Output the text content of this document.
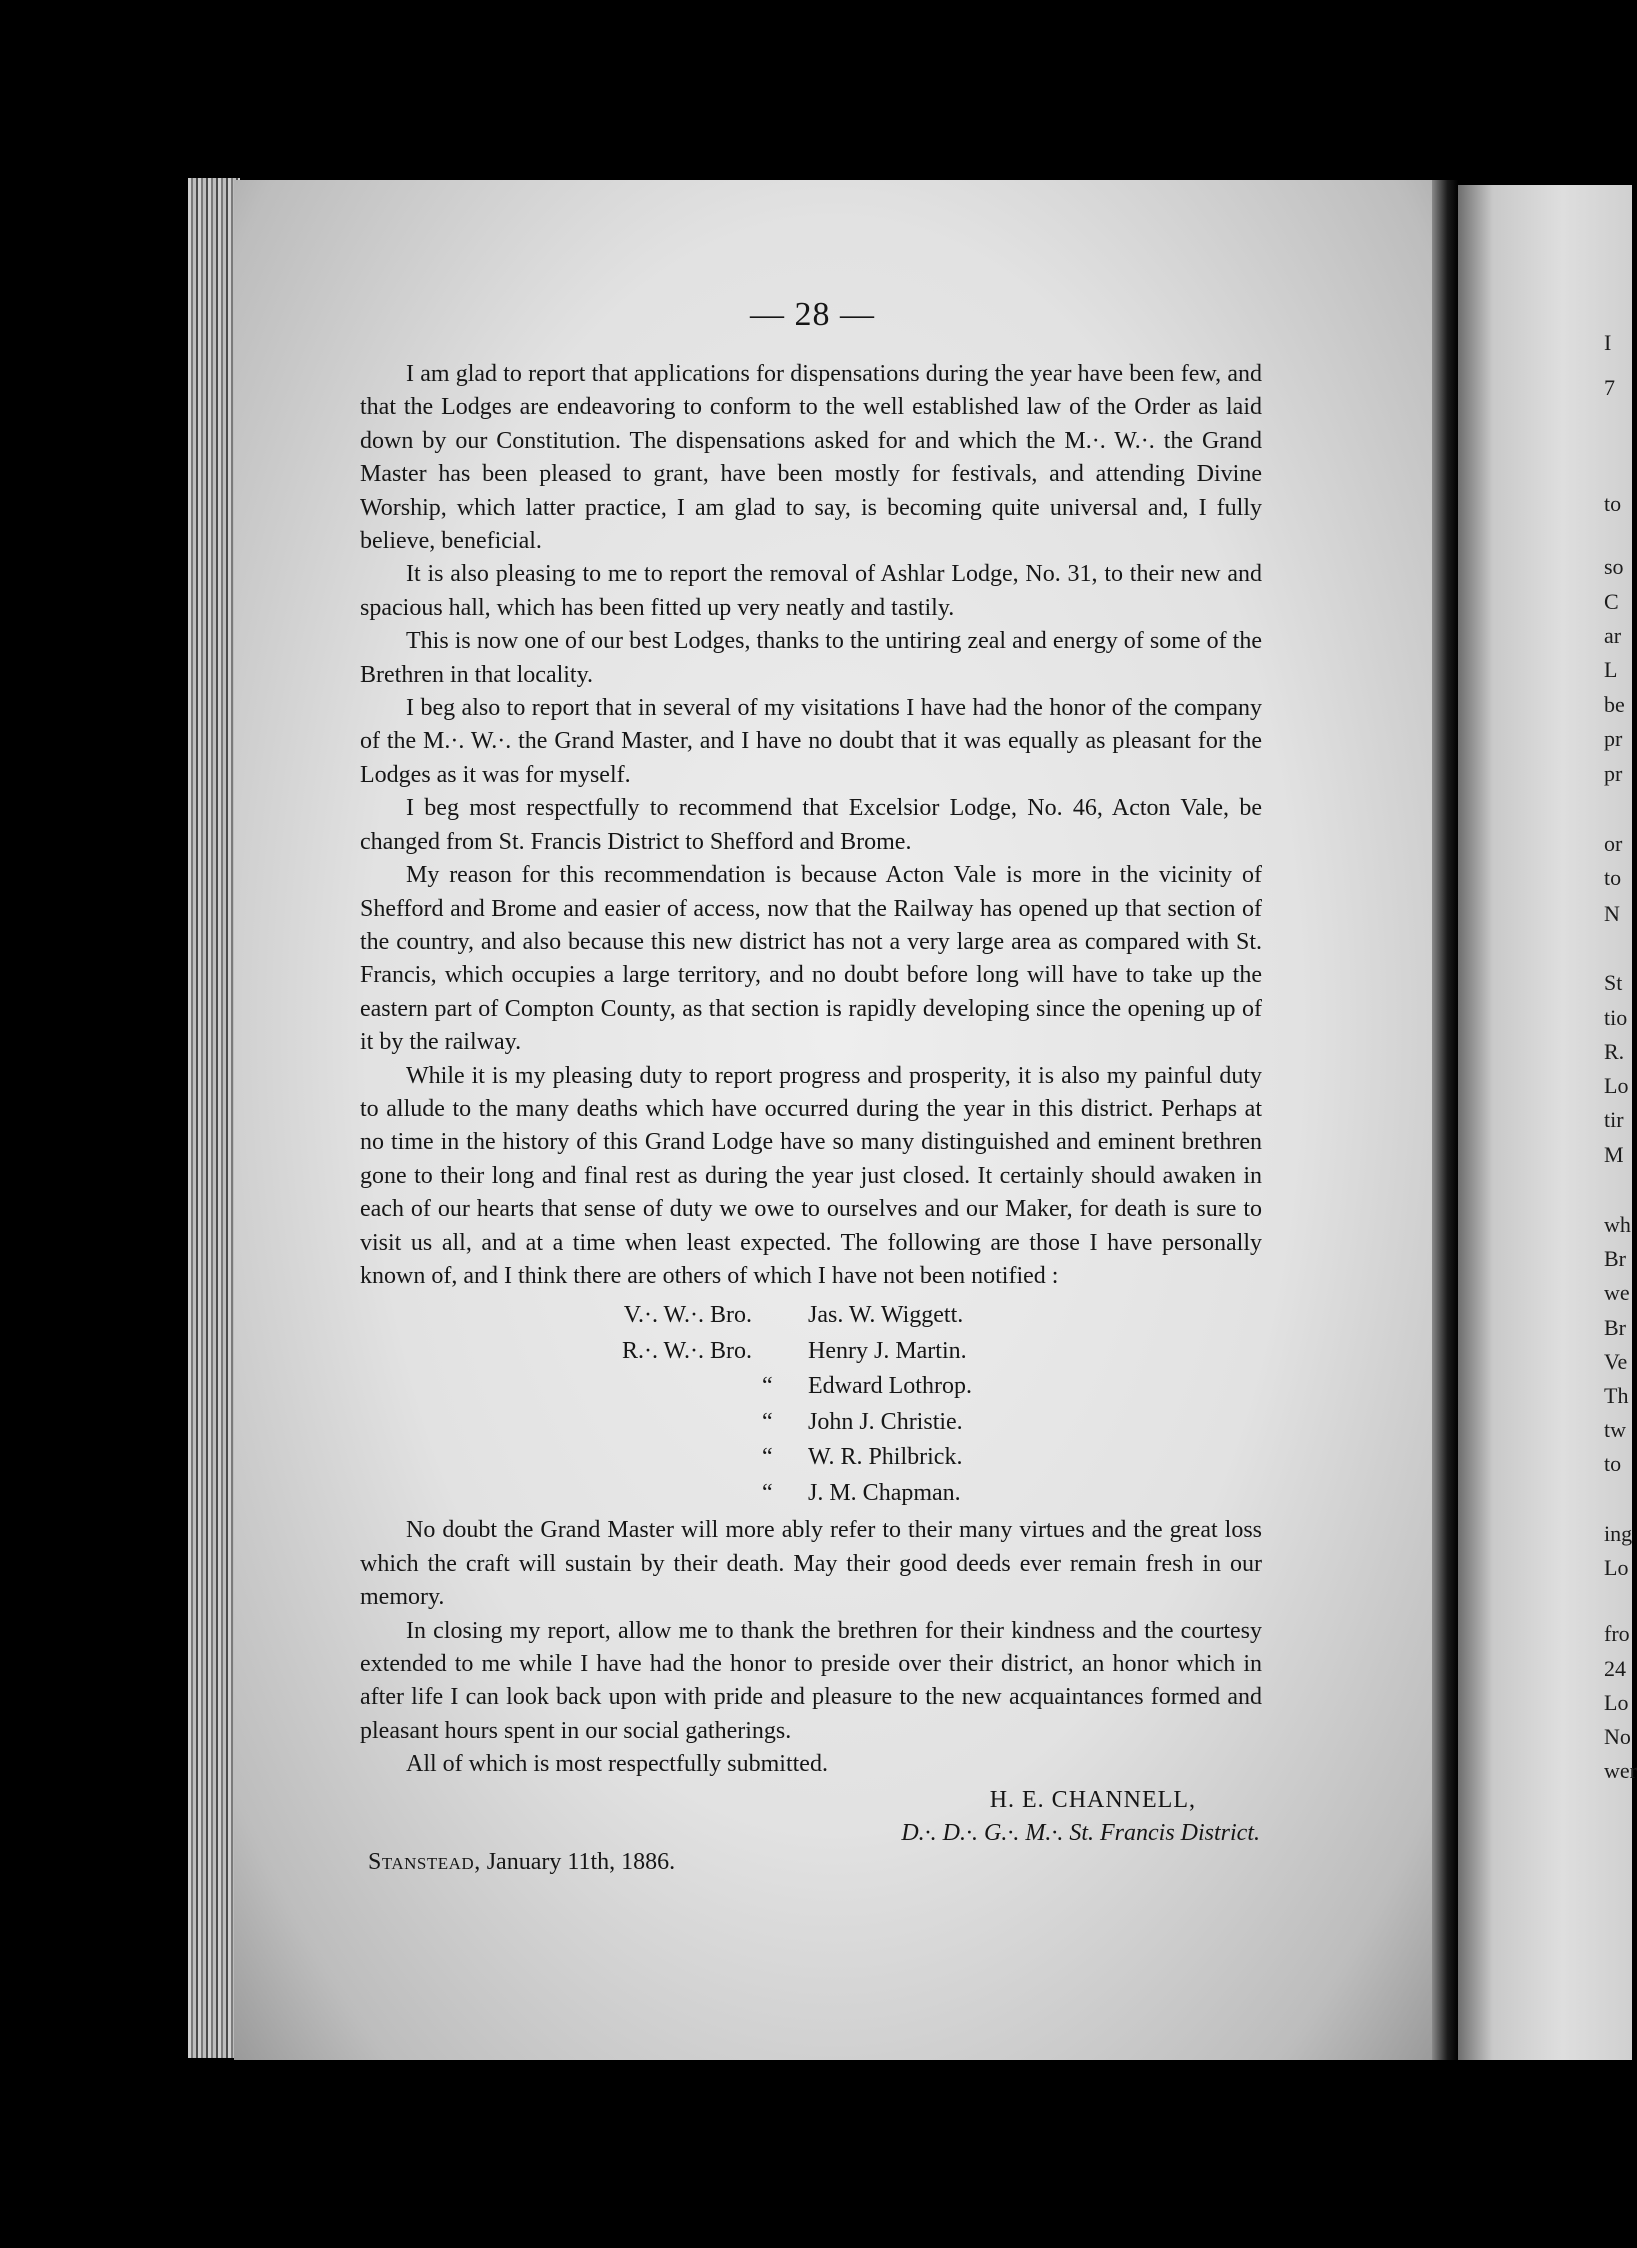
I
7
to
so
C
ar
L
be
pr
pr
or
to
N
St
tio
R.
Lo
tir
M
wh
Br
we
Br
Ve
Th
tw
to
ing
Lo
fro
24
Lo
No
wer
— 28 —

I am glad to report that applications for dispensations during the year have been few, and that the Lodges are endeavoring to conform to the well established law of the Order as laid down by our Constitution. The dispensations asked for and which the M.·. W.·. the Grand Master has been pleased to grant, have been mostly for festivals, and attending Divine Worship, which latter practice, I am glad to say, is becoming quite universal and, I fully believe, beneficial.

It is also pleasing to me to report the removal of Ashlar Lodge, No. 31, to their new and spacious hall, which has been fitted up very neatly and tastily.

This is now one of our best Lodges, thanks to the untiring zeal and energy of some of the Brethren in that locality.

I beg also to report that in several of my visitations I have had the honor of the company of the M.·. W.·. the Grand Master, and I have no doubt that it was equally as pleasant for the Lodges as it was for myself.

I beg most respectfully to recommend that Excelsior Lodge, No. 46, Acton Vale, be changed from St. Francis District to Shefford and Brome.

My reason for this recommendation is because Acton Vale is more in the vicinity of Shefford and Brome and easier of access, now that the Railway has opened up that section of the country, and also because this new district has not a very large area as compared with St. Francis, which occupies a large territory, and no doubt before long will have to take up the eastern part of Compton County, as that section is rapidly developing since the opening up of it by the railway.

While it is my pleasing duty to report progress and prosperity, it is also my painful duty to allude to the many deaths which have occurred during the year in this district. Perhaps at no time in the history of this Grand Lodge have so many distinguished and eminent brethren gone to their long and final rest as during the year just closed. It certainly should awaken in each of our hearts that sense of duty we owe to ourselves and our Maker, for death is sure to visit us all, and at a time when least expected. The following are those I have personally known of, and I think there are others of which I have not been notified :

V.·. W.·. Bro. Jas. W. Wiggett.
R.·. W.·. Bro. Henry J. Martin.
“ Edward Lothrop.
“ John J. Christie.
“ W. R. Philbrick.
“ J. M. Chapman.

No doubt the Grand Master will more ably refer to their many virtues and the great loss which the craft will sustain by their death. May their good deeds ever remain fresh in our memory.

In closing my report, allow me to thank the brethren for their kindness and the courtesy extended to me while I have had the honor to preside over their district, an honor which in after life I can look back upon with pride and pleasure to the new acquaintances formed and pleasant hours spent in our social gatherings.

All of which is most respectfully submitted.

H. E. CHANNELL,

D.·. D.·. G.·. M.·. St. Francis District.

Stanstead, January 11th, 1886.
